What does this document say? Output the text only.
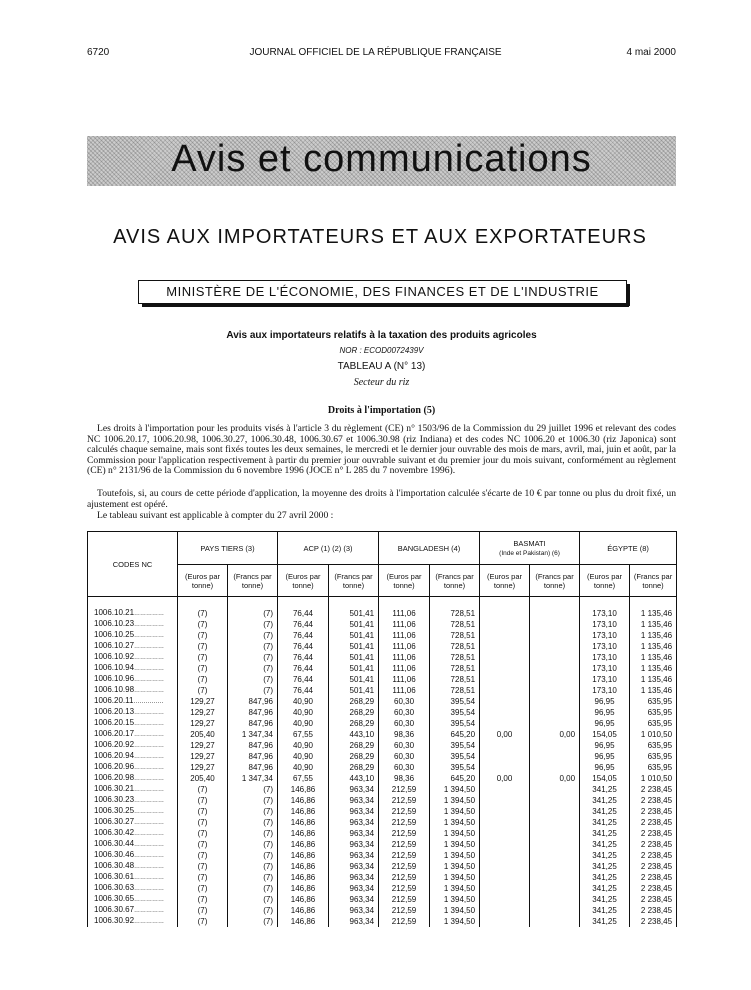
6720	JOURNAL OFFICIEL DE LA RÉPUBLIQUE FRANÇAISE	4 mai 2000
Avis et communications
AVIS AUX IMPORTATEURS ET AUX EXPORTATEURS
MINISTÈRE DE L'ÉCONOMIE, DES FINANCES ET DE L'INDUSTRIE
Avis aux importateurs relatifs à la taxation des produits agricoles
NOR : ECOD0072439V
TABLEAU A (N° 13)
Secteur du riz
Droits à l'importation (5)
Les droits à l'importation pour les produits visés à l'article 3 du règlement (CE) n° 1503/96 de la Commission du 29 juillet 1996 et relevant des codes NC 1006.20.17, 1006.20.98, 1006.30.27, 1006.30.48, 1006.30.67 et 1006.30.98 (riz Indiana) et des codes NC 1006.20 et 1006.30 (riz Japonica) sont calculés chaque semaine, mais sont fixés toutes les deux semaines, le mercredi et le dernier jour ouvrable des mois de mars, avril, mai, juin et août, par la Commission pour l'application respectivement à partir du premier jour ouvrable suivant et du premier jour du mois suivant, conformément au règlement (CE) n° 2131/96 de la Commission du 6 novembre 1996 (JOCE n° L 285 du 7 novembre 1996).
Toutefois, si, au cours de cette période d'application, la moyenne des droits à l'importation calculée s'écarte de 10 € par tonne ou plus du droit fixé, un ajustement est opéré.
Le tableau suivant est applicable à compter du 27 avril 2000 :
CODES NC	PAYS TIERS (3)		ACP (1) (2) (3)		BANGLADESH (4)		BASMATI
(Inde et Pakistan) (6)		ÉGYPTE (8)	
	(Euros par tonne)	(Francs par tonne)	(Euros par tonne)	(Francs par tonne)	(Euros par tonne)	(Francs par tonne)	(Euros par tonne)	(Francs par tonne)	(Euros par tonne)	(Francs par tonne)

1006.10.21……………	(7)	(7)	76,44	501,41	111,06	728,51			173,10	1 135,46
1006.10.23……………	(7)	(7)	76,44	501,41	111,06	728,51			173,10	1 135,46
1006.10.25……………	(7)	(7)	76,44	501,41	111,06	728,51			173,10	1 135,46
1006.10.27……………	(7)	(7)	76,44	501,41	111,06	728,51			173,10	1 135,46
1006.10.92……………	(7)	(7)	76,44	501,41	111,06	728,51			173,10	1 135,46
1006.10.94……………	(7)	(7)	76,44	501,41	111,06	728,51			173,10	1 135,46
1006.10.96……………	(7)	(7)	76,44	501,41	111,06	728,51			173,10	1 135,46
1006.10.98……………	(7)	(7)	76,44	501,41	111,06	728,51			173,10	1 135,46
1006.20.11……………	129,27	847,96	40,90	268,29	60,30	395,54			96,95	635,95
1006.20.13……………	129,27	847,96	40,90	268,29	60,30	395,54			96,95	635,95
1006.20.15……………	129,27	847,96	40,90	268,29	60,30	395,54			96,95	635,95
1006.20.17……………	205,40	1 347,34	67,55	443,10	98,36	645,20	0,00	0,00	154,05	1 010,50
1006.20.92……………	129,27	847,96	40,90	268,29	60,30	395,54			96,95	635,95
1006.20.94……………	129,27	847,96	40,90	268,29	60,30	395,54			96,95	635,95
1006.20.96……………	129,27	847,96	40,90	268,29	60,30	395,54			96,95	635,95
1006.20.98……………	205,40	1 347,34	67,55	443,10	98,36	645,20	0,00	0,00	154,05	1 010,50
1006.30.21……………	(7)	(7)	146,86	963,34	212,59	1 394,50			341,25	2 238,45
1006.30.23……………	(7)	(7)	146,86	963,34	212,59	1 394,50			341,25	2 238,45
1006.30.25……………	(7)	(7)	146,86	963,34	212,59	1 394,50			341,25	2 238,45
1006.30.27……………	(7)	(7)	146,86	963,34	212,59	1 394,50			341,25	2 238,45
1006.30.42……………	(7)	(7)	146,86	963,34	212,59	1 394,50			341,25	2 238,45
1006.30.44……………	(7)	(7)	146,86	963,34	212,59	1 394,50			341,25	2 238,45
1006.30.46……………	(7)	(7)	146,86	963,34	212,59	1 394,50			341,25	2 238,45
1006.30.48……………	(7)	(7)	146,86	963,34	212,59	1 394,50			341,25	2 238,45
1006.30.61……………	(7)	(7)	146,86	963,34	212,59	1 394,50			341,25	2 238,45
1006.30.63……………	(7)	(7)	146,86	963,34	212,59	1 394,50			341,25	2 238,45
1006.30.65……………	(7)	(7)	146,86	963,34	212,59	1 394,50			341,25	2 238,45
1006.30.67……………	(7)	(7)	146,86	963,34	212,59	1 394,50			341,25	2 238,45
1006.30.92……………	(7)	(7)	146,86	963,34	212,59	1 394,50			341,25	2 238,45
